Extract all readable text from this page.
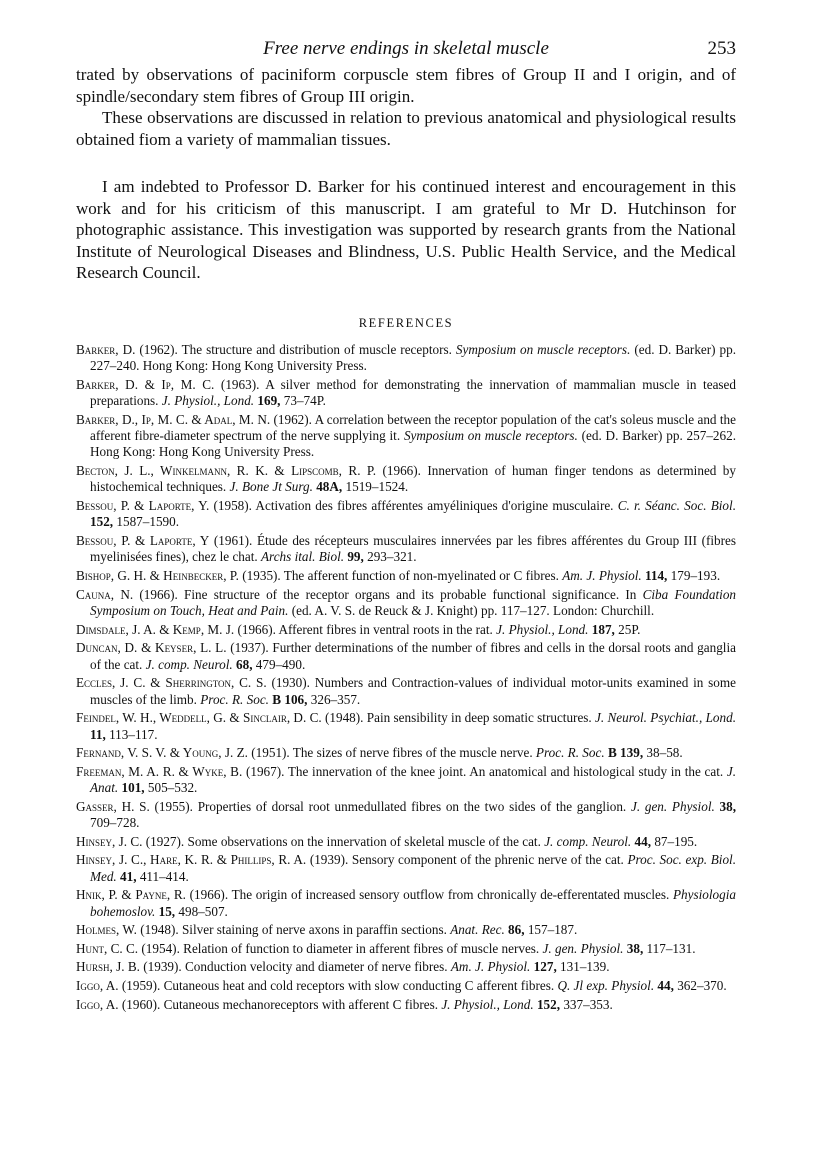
Free nerve endings in skeletal muscle	253

trated by observations of paciniform corpuscle stem fibres of Group II and I origin, and of spindle/secondary stem fibres of Group III origin.

These observations are discussed in relation to previous anatomical and physiological results obtained fiom a variety of mammalian tissues.

I am indebted to Professor D. Barker for his continued interest and encouragement in this work and for his criticism of this manuscript. I am grateful to Mr D. Hutchinson for photographic assistance. This investigation was supported by research grants from the National Institute of Neurological Diseases and Blindness, U.S. Public Health Service, and the Medical Research Council.

REFERENCES

Barker, D. (1962). The structure and distribution of muscle receptors. Symposium on muscle receptors. (ed. D. Barker) pp. 227–240. Hong Kong: Hong Kong University Press.

Barker, D. & Ip, M. C. (1963). A silver method for demonstrating the innervation of mammalian muscle in teased preparations. J. Physiol., Lond. 169, 73–74P.

Barker, D., Ip, M. C. & Adal, M. N. (1962). A correlation between the receptor population of the cat's soleus muscle and the afferent fibre-diameter spectrum of the nerve supplying it. Symposium on muscle receptors. (ed. D. Barker) pp. 257–262. Hong Kong: Hong Kong University Press.

Becton, J. L., Winkelmann, R. K. & Lipscomb, R. P. (1966). Innervation of human finger tendons as determined by histochemical techniques. J. Bone Jt Surg. 48A, 1519–1524.

Bessou, P. & Laporte, Y. (1958). Activation des fibres afférentes amyéliniques d'origine musculaire. C. r. Séanc. Soc. Biol. 152, 1587–1590.

Bessou, P. & Laporte, Y (1961). Étude des récepteurs musculaires innervées par les fibres afférentes du Group III (fibres myelinisées fines), chez le chat. Archs ital. Biol. 99, 293–321.

Bishop, G. H. & Heinbecker, P. (1935). The afferent function of non-myelinated or C fibres. Am. J. Physiol. 114, 179–193.

Cauna, N. (1966). Fine structure of the receptor organs and its probable functional significance. In Ciba Foundation Symposium on Touch, Heat and Pain. (ed. A. V. S. de Reuck & J. Knight) pp. 117–127. London: Churchill.

Dimsdale, J. A. & Kemp, M. J. (1966). Afferent fibres in ventral roots in the rat. J. Physiol., Lond. 187, 25P.

Duncan, D. & Keyser, L. L. (1937). Further determinations of the number of fibres and cells in the dorsal roots and ganglia of the cat. J. comp. Neurol. 68, 479–490.

Eccles, J. C. & Sherrington, C. S. (1930). Numbers and Contraction-values of individual motor-units examined in some muscles of the limb. Proc. R. Soc. B 106, 326–357.

Feindel, W. H., Weddell, G. & Sinclair, D. C. (1948). Pain sensibility in deep somatic structures. J. Neurol. Psychiat., Lond. 11, 113–117.

Fernand, V. S. V. & Young, J. Z. (1951). The sizes of nerve fibres of the muscle nerve. Proc. R. Soc. B 139, 38–58.

Freeman, M. A. R. & Wyke, B. (1967). The innervation of the knee joint. An anatomical and histological study in the cat. J. Anat. 101, 505–532.

Gasser, H. S. (1955). Properties of dorsal root unmedullated fibres on the two sides of the ganglion. J. gen. Physiol. 38, 709–728.

Hinsey, J. C. (1927). Some observations on the innervation of skeletal muscle of the cat. J. comp. Neurol. 44, 87–195.

Hinsey, J. C., Hare, K. R. & Phillips, R. A. (1939). Sensory component of the phrenic nerve of the cat. Proc. Soc. exp. Biol. Med. 41, 411–414.

Hnik, P. & Payne, R. (1966). The origin of increased sensory outflow from chronically de-efferentated muscles. Physiologia bohemoslov. 15, 498–507.

Holmes, W. (1948). Silver staining of nerve axons in paraffin sections. Anat. Rec. 86, 157–187.

Hunt, C. C. (1954). Relation of function to diameter in afferent fibres of muscle nerves. J. gen. Physiol. 38, 117–131.

Hursh, J. B. (1939). Conduction velocity and diameter of nerve fibres. Am. J. Physiol. 127, 131–139.

Iggo, A. (1959). Cutaneous heat and cold receptors with slow conducting C afferent fibres. Q. Jl exp. Physiol. 44, 362–370.

Iggo, A. (1960). Cutaneous mechanoreceptors with afferent C fibres. J. Physiol., Lond. 152, 337–353.
